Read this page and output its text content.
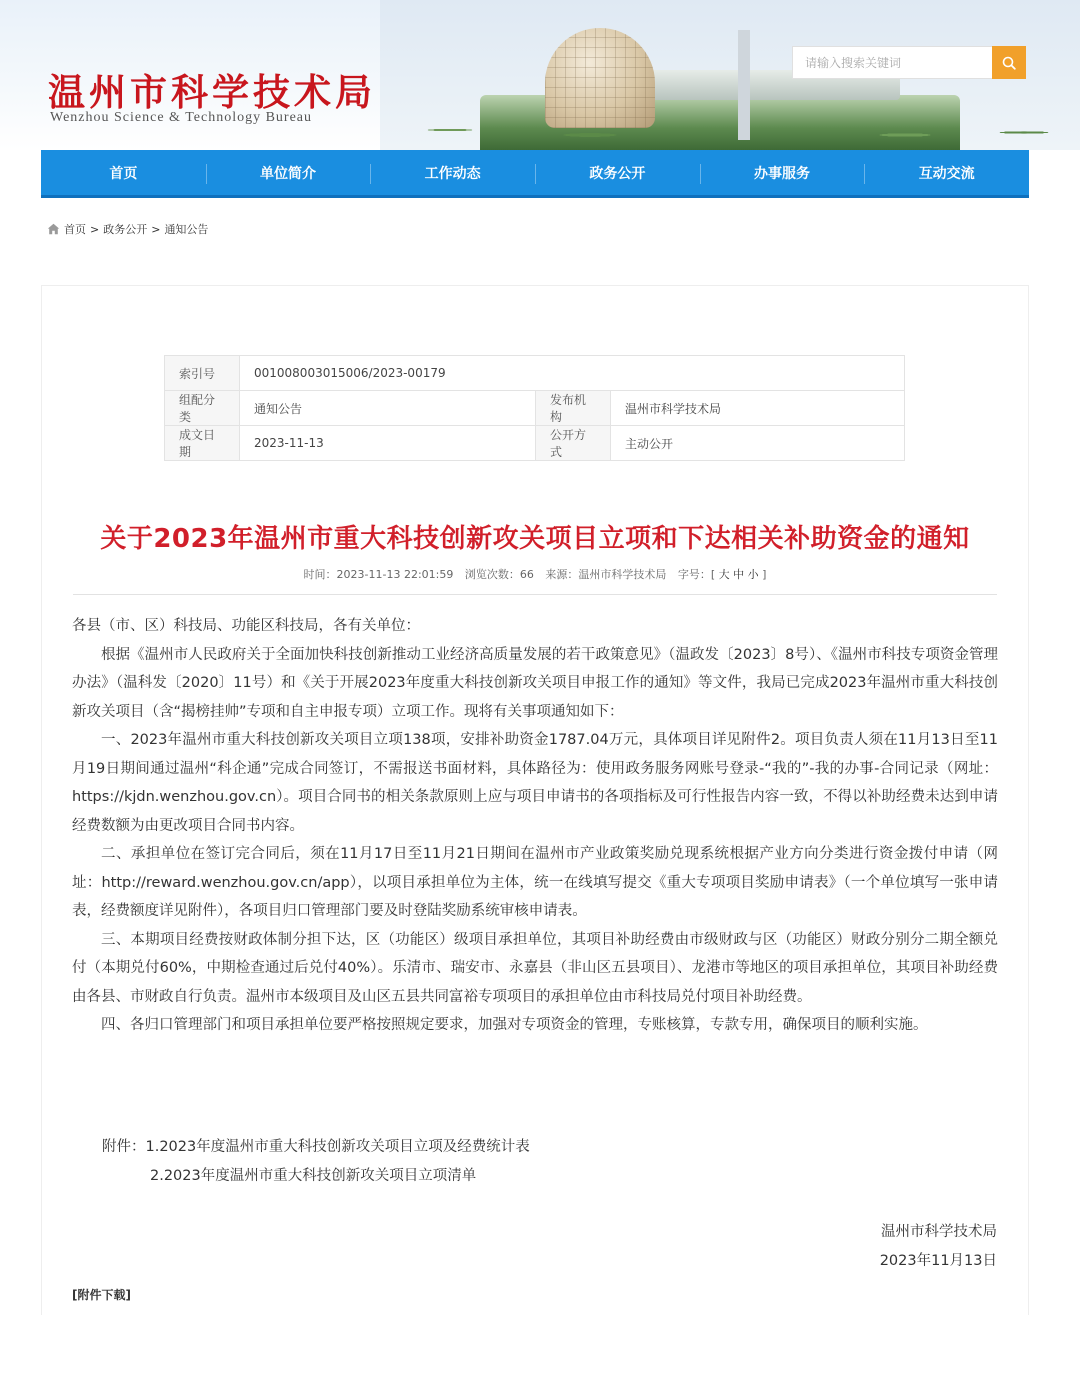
温州市科学技术局
Wenzhou Science & Technology Bureau
请输入搜索关键词
首页	单位简介	工作动态	政务公开	办事服务	互动交流
首页 > 政务公开 > 通知公告
索引号	001008003015006/2023-00179		
组配分类	通知公告	发布机构	温州市科学技术局
成文日期	2023-11-13	公开方式	主动公开
关于2023年温州市重大科技创新攻关项目立项和下达相关补助资金的通知
时间：2023-11-13 22:01:59 浏览次数：66 来源：温州市科学技术局 字号：[ 大 中 小 ]

各县（市、区）科技局、功能区科技局，各有关单位：

根据《温州市人民政府关于全面加快科技创新推动工业经济高质量发展的若干政策意见》（温政发〔2023〕8号）、《温州市科技专项资金管理办法》（温科发〔2020〕11号）和《关于开展2023年度重大科技创新攻关项目申报工作的通知》等文件，我局已完成2023年温州市重大科技创新攻关项目（含“揭榜挂帅”专项和自主申报专项）立项工作。现将有关事项通知如下：

一、2023年温州市重大科技创新攻关项目立项138项，安排补助资金1787.04万元，具体项目详见附件2。项目负责人须在11月13日至11月19日期间通过温州“科企通”完成合同签订，不需报送书面材料，具体路径为：使用政务服务网账号登录-“我的”-我的办事-合同记录（网址：https://kjdn.wenzhou.gov.cn）。项目合同书的相关条款原则上应与项目申请书的各项指标及可行性报告内容一致，不得以补助经费未达到申请经费数额为由更改项目合同书内容。

二、承担单位在签订完合同后，须在11月17日至11月21日期间在温州市产业政策奖励兑现系统根据产业方向分类进行资金拨付申请（网址：http://reward.wenzhou.gov.cn/app），以项目承担单位为主体，统一在线填写提交《重大专项项目奖励申请表》（一个单位填写一张申请表，经费额度详见附件），各项目归口管理部门要及时登陆奖励系统审核申请表。

三、本期项目经费按财政体制分担下达，区（功能区）级项目承担单位，其项目补助经费由市级财政与区（功能区）财政分别分二期全额兑付（本期兑付60%，中期检查通过后兑付40%）。乐清市、瑞安市、永嘉县（非山区五县项目）、龙港市等地区的项目承担单位，其项目补助经费由各县、市财政自行负责。温州市本级项目及山区五县共同富裕专项项目的承担单位由市科技局兑付项目补助经费。

四、各归口管理部门和项目承担单位要严格按照规定要求，加强对专项资金的管理，专账核算，专款专用，确保项目的顺利实施。

附件：1.2023年度温州市重大科技创新攻关项目立项及经费统计表
2.2023年度温州市重大科技创新攻关项目立项清单
温州市科学技术局
2023年11月13日
[附件下载]
